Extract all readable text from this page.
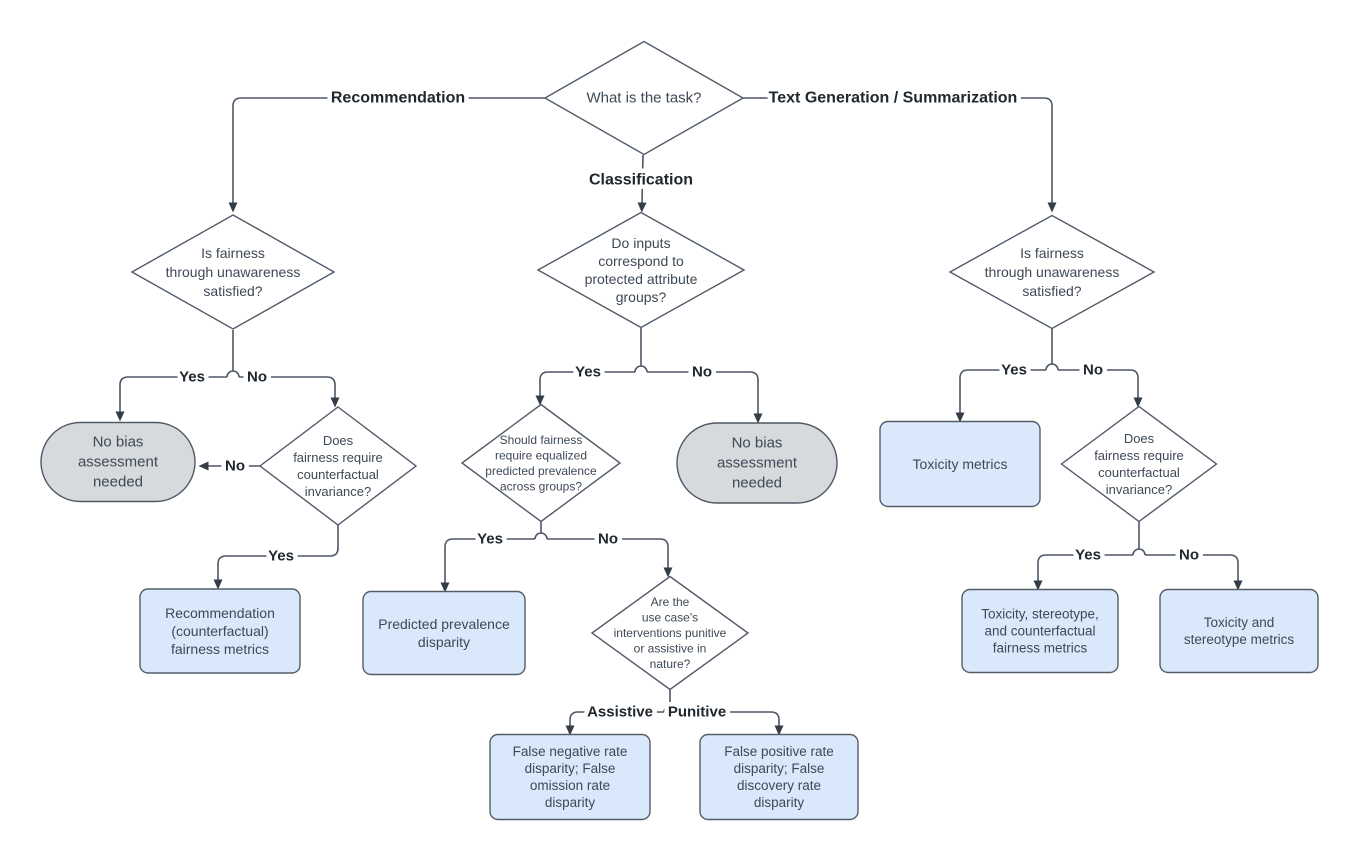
What is the task?
Is fairness through unawareness satisfied?
Does fairness require counterfactual invariance?
No bias assessment needed
Recommendation (counterfactual) fairness metrics
Do inputs correspond to protected attribute groups?
Should fairness require equalized predicted prevalence across groups?
No bias assessment needed
Predicted prevalence disparity
Are the use case's interventions punitive or assistive in nature?
False negative rate disparity; False omission rate disparity
False positive rate disparity; False discovery rate disparity
Is fairness through unawareness satisfied?
Toxicity metrics
Does fairness require counterfactual invariance?
Toxicity, stereotype, and counterfactual fairness metrics
Toxicity and stereotype metrics
Recommendation	Text Generation / Summarization
Classification
Yes	No
No
Yes
Yes	No
Yes	No
Assistive Punitive
Yes	No
Yes	No
